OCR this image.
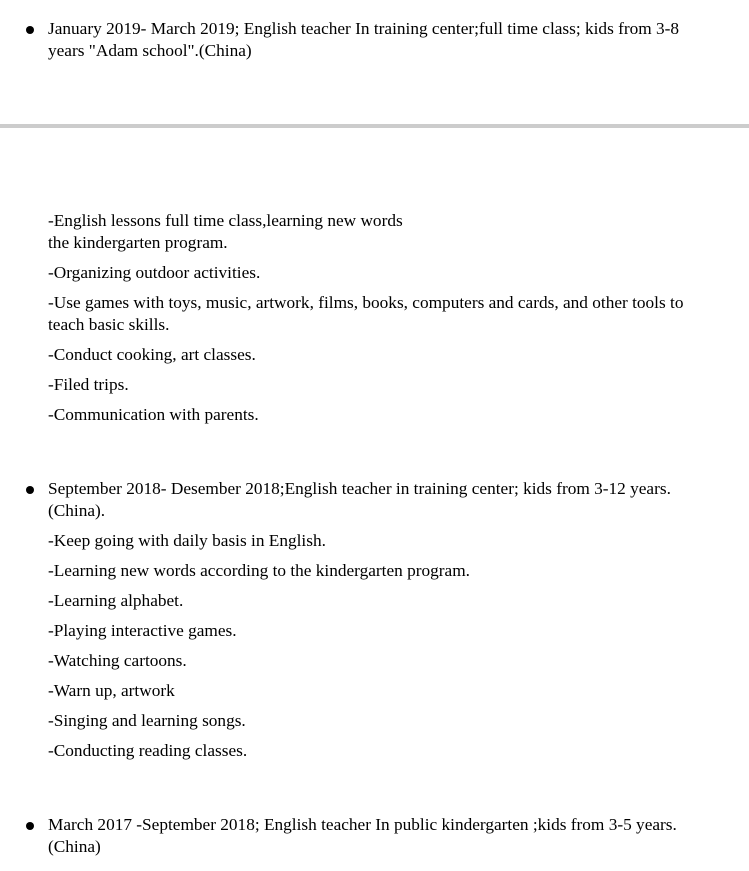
January 2019- March 2019; English teacher In training center;full time class; kids from 3-8 years "Adam school".(China)
-English lessons full time class,learning new words
the kindergarten program.
-Organizing outdoor activities.
-Use games with toys, music, artwork, films, books, computers and cards, and other tools to teach basic skills.
-Conduct cooking, art classes.
-Filed trips.
-Communication with parents.
September 2018- Desember 2018;English teacher in training center; kids from 3-12 years.(China).
-Keep going with daily basis in English.
-Learning new words according to the kindergarten program.
-Learning alphabet.
-Playing interactive games.
-Watching cartoons.
-Warn up, artwork
-Singing and learning songs.
-Conducting reading classes.
March 2017 -September 2018; English teacher In public kindergarten ;kids from 3-5 years.(China)
